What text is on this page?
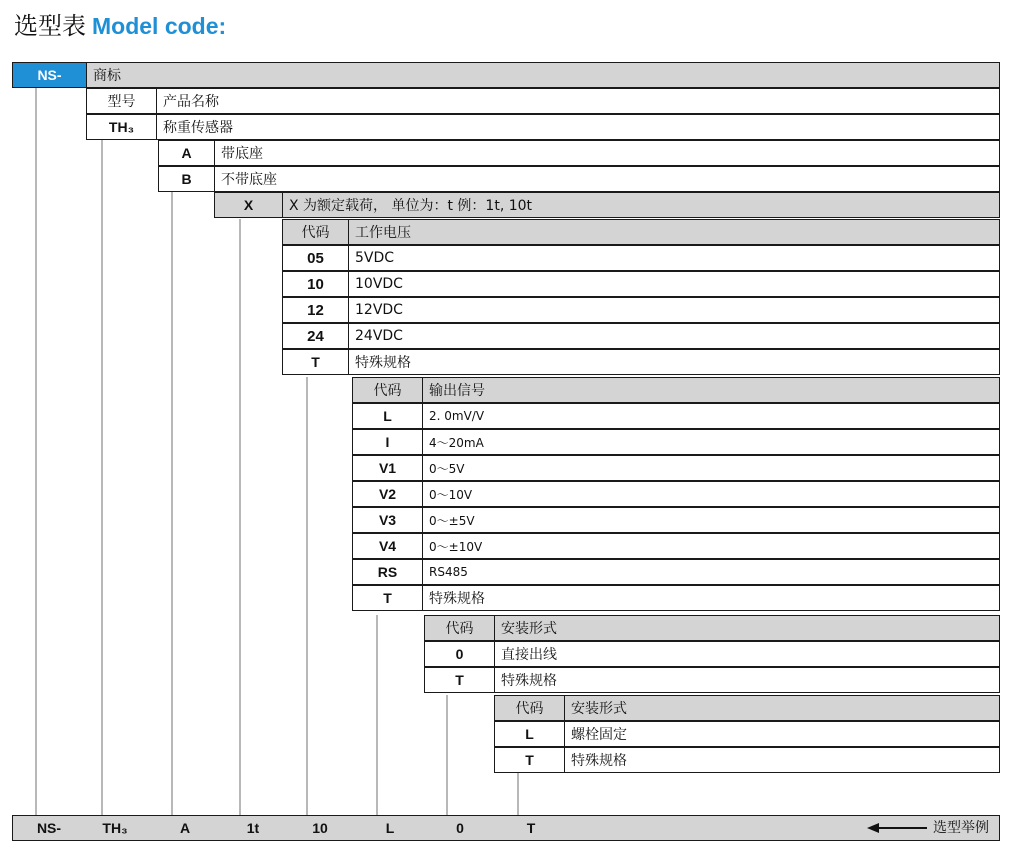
选型表 Model code:
NS-	商标
型号	产品名称
TH₃	称重传感器
A	带底座
B	不带底座
X	X 为额定载荷， 单位为：t 例：1t, 10t
代码	工作电压
05	5VDC
10	10VDC
12	12VDC
24	24VDC
T	特殊规格
代码	输出信号
L	2. 0mV/V
I	4～20mA
V1	0～5V
V2	0～10V
V3	0～±5V
V4	0～±10V
RS	RS485
T	特殊规格
代码	安装形式
0	直接出线
T	特殊规格
代码	安装形式
L	螺栓固定
T	特殊规格
NS-	TH₃	A	1t	10	L	0	T	选型举例
